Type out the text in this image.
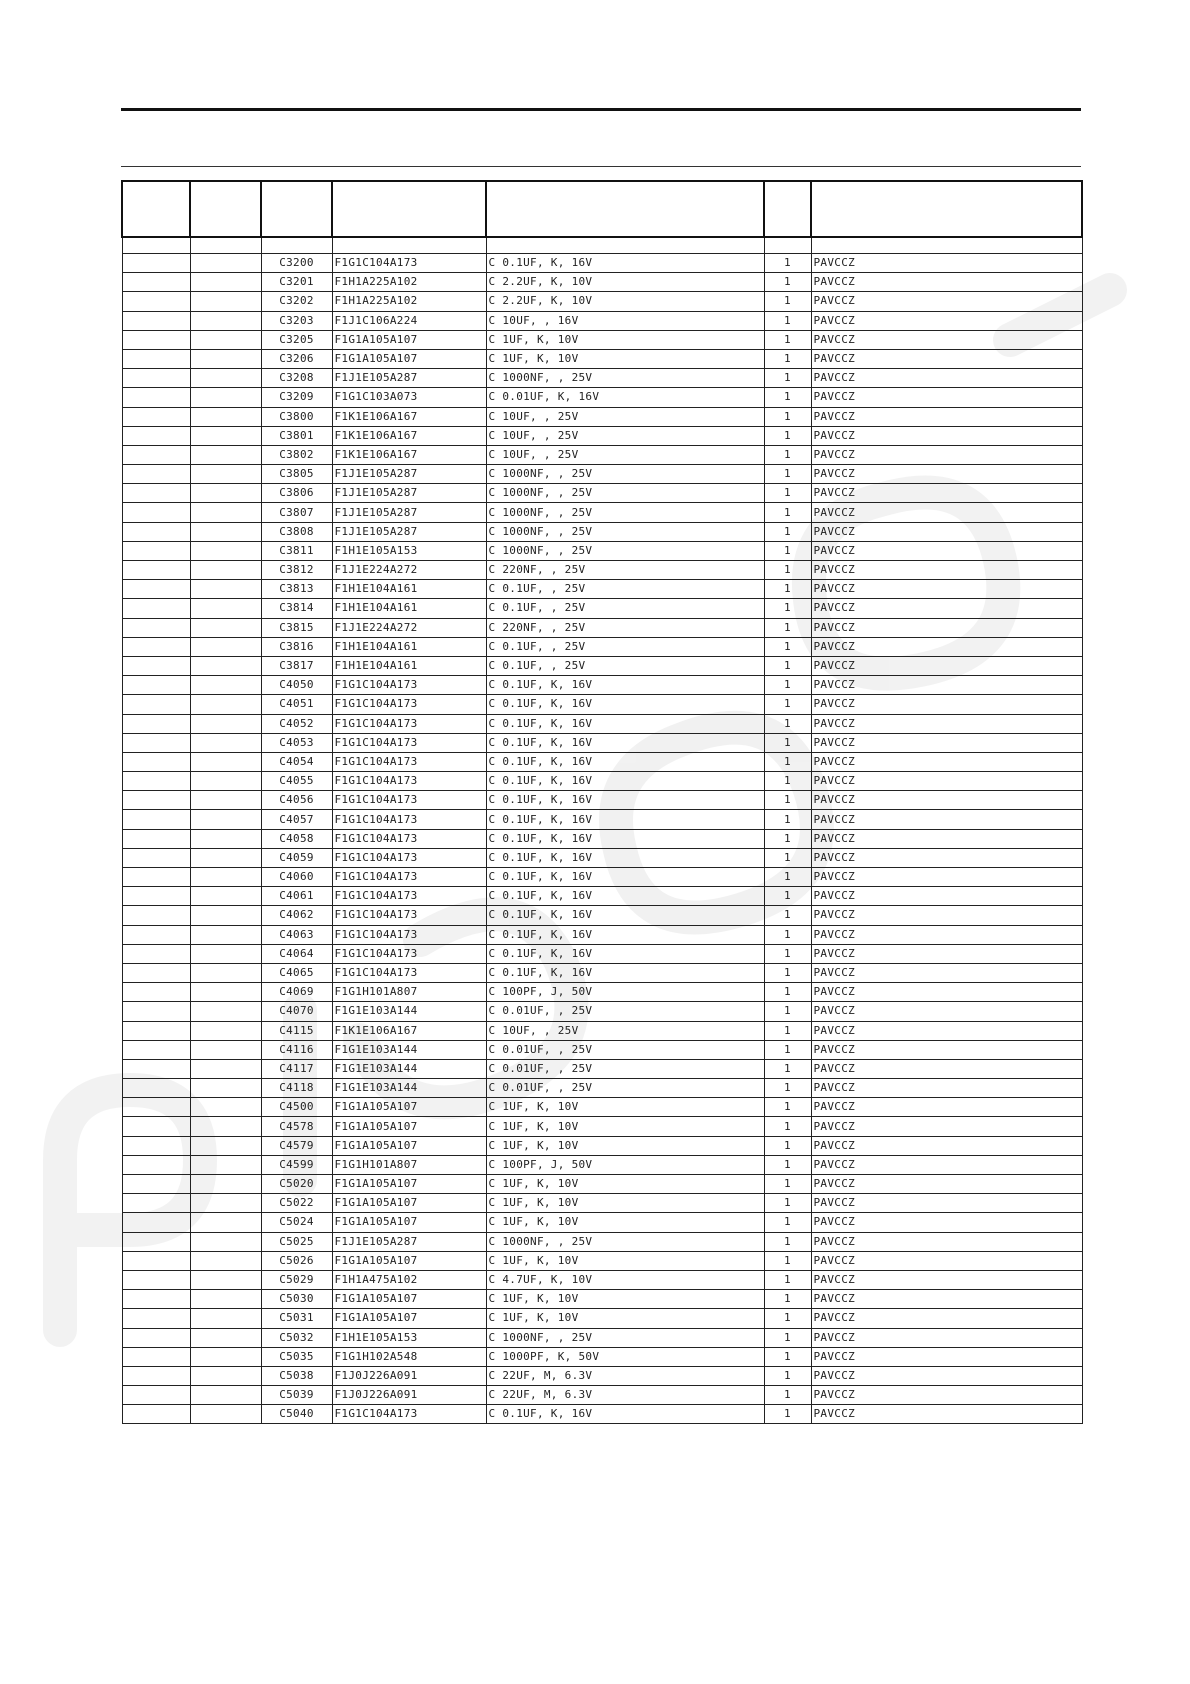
		C3200	F1G1C104A173	C 0.1UF, K, 16V	1	PAVCCZ
		C3201	F1H1A225A102	C 2.2UF, K, 10V	1	PAVCCZ
		C3202	F1H1A225A102	C 2.2UF, K, 10V	1	PAVCCZ
		C3203	F1J1C106A224	C 10UF, , 16V	1	PAVCCZ
		C3205	F1G1A105A107	C 1UF, K, 10V	1	PAVCCZ
		C3206	F1G1A105A107	C 1UF, K, 10V	1	PAVCCZ
		C3208	F1J1E105A287	C 1000NF, , 25V	1	PAVCCZ
		C3209	F1G1C103A073	C 0.01UF, K, 16V	1	PAVCCZ
		C3800	F1K1E106A167	C 10UF, , 25V	1	PAVCCZ
		C3801	F1K1E106A167	C 10UF, , 25V	1	PAVCCZ
		C3802	F1K1E106A167	C 10UF, , 25V	1	PAVCCZ
		C3805	F1J1E105A287	C 1000NF, , 25V	1	PAVCCZ
		C3806	F1J1E105A287	C 1000NF, , 25V	1	PAVCCZ
		C3807	F1J1E105A287	C 1000NF, , 25V	1	PAVCCZ
		C3808	F1J1E105A287	C 1000NF, , 25V	1	PAVCCZ
		C3811	F1H1E105A153	C 1000NF, , 25V	1	PAVCCZ
		C3812	F1J1E224A272	C 220NF, , 25V	1	PAVCCZ
		C3813	F1H1E104A161	C 0.1UF, , 25V	1	PAVCCZ
		C3814	F1H1E104A161	C 0.1UF, , 25V	1	PAVCCZ
		C3815	F1J1E224A272	C 220NF, , 25V	1	PAVCCZ
		C3816	F1H1E104A161	C 0.1UF, , 25V	1	PAVCCZ
		C3817	F1H1E104A161	C 0.1UF, , 25V	1	PAVCCZ
		C4050	F1G1C104A173	C 0.1UF, K, 16V	1	PAVCCZ
		C4051	F1G1C104A173	C 0.1UF, K, 16V	1	PAVCCZ
		C4052	F1G1C104A173	C 0.1UF, K, 16V	1	PAVCCZ
		C4053	F1G1C104A173	C 0.1UF, K, 16V	1	PAVCCZ
		C4054	F1G1C104A173	C 0.1UF, K, 16V	1	PAVCCZ
		C4055	F1G1C104A173	C 0.1UF, K, 16V	1	PAVCCZ
		C4056	F1G1C104A173	C 0.1UF, K, 16V	1	PAVCCZ
		C4057	F1G1C104A173	C 0.1UF, K, 16V	1	PAVCCZ
		C4058	F1G1C104A173	C 0.1UF, K, 16V	1	PAVCCZ
		C4059	F1G1C104A173	C 0.1UF, K, 16V	1	PAVCCZ
		C4060	F1G1C104A173	C 0.1UF, K, 16V	1	PAVCCZ
		C4061	F1G1C104A173	C 0.1UF, K, 16V	1	PAVCCZ
		C4062	F1G1C104A173	C 0.1UF, K, 16V	1	PAVCCZ
		C4063	F1G1C104A173	C 0.1UF, K, 16V	1	PAVCCZ
		C4064	F1G1C104A173	C 0.1UF, K, 16V	1	PAVCCZ
		C4065	F1G1C104A173	C 0.1UF, K, 16V	1	PAVCCZ
		C4069	F1G1H101A807	C 100PF, J, 50V	1	PAVCCZ
		C4070	F1G1E103A144	C 0.01UF, , 25V	1	PAVCCZ
		C4115	F1K1E106A167	C 10UF, , 25V	1	PAVCCZ
		C4116	F1G1E103A144	C 0.01UF, , 25V	1	PAVCCZ
		C4117	F1G1E103A144	C 0.01UF, , 25V	1	PAVCCZ
		C4118	F1G1E103A144	C 0.01UF, , 25V	1	PAVCCZ
		C4500	F1G1A105A107	C 1UF, K, 10V	1	PAVCCZ
		C4578	F1G1A105A107	C 1UF, K, 10V	1	PAVCCZ
		C4579	F1G1A105A107	C 1UF, K, 10V	1	PAVCCZ
		C4599	F1G1H101A807	C 100PF, J, 50V	1	PAVCCZ
		C5020	F1G1A105A107	C 1UF, K, 10V	1	PAVCCZ
		C5022	F1G1A105A107	C 1UF, K, 10V	1	PAVCCZ
		C5024	F1G1A105A107	C 1UF, K, 10V	1	PAVCCZ
		C5025	F1J1E105A287	C 1000NF, , 25V	1	PAVCCZ
		C5026	F1G1A105A107	C 1UF, K, 10V	1	PAVCCZ
		C5029	F1H1A475A102	C 4.7UF, K, 10V	1	PAVCCZ
		C5030	F1G1A105A107	C 1UF, K, 10V	1	PAVCCZ
		C5031	F1G1A105A107	C 1UF, K, 10V	1	PAVCCZ
		C5032	F1H1E105A153	C 1000NF, , 25V	1	PAVCCZ
		C5035	F1G1H102A548	C 1000PF, K, 50V	1	PAVCCZ
		C5038	F1J0J226A091	C 22UF, M, 6.3V	1	PAVCCZ
		C5039	F1J0J226A091	C 22UF, M, 6.3V	1	PAVCCZ
		C5040	F1G1C104A173	C 0.1UF, K, 16V	1	PAVCCZ
